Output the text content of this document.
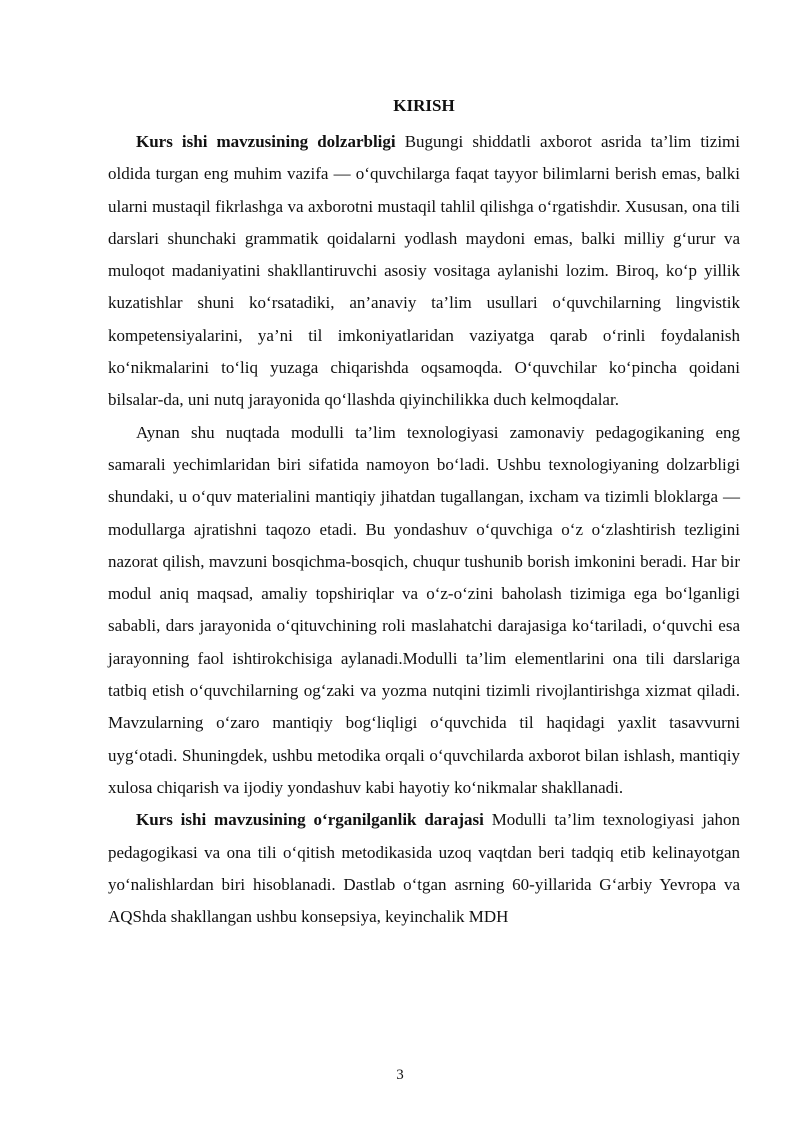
KIRISH

Kurs ishi mavzusining dolzarbligi Bugungi shiddatli axborot asrida ta’lim tizimi oldida turgan eng muhim vazifa — o‘quvchilarga faqat tayyor bilimlarni berish emas, balki ularni mustaqil fikrlashga va axborotni mustaqil tahlil qilishga o‘rgatishdir. Xususan, ona tili darslari shunchaki grammatik qoidalarni yodlash maydoni emas, balki milliy g‘urur va muloqot madaniyatini shakllantiruvchi asosiy vositaga aylanishi lozim. Biroq, ko‘p yillik kuzatishlar shuni ko‘rsatadiki, an’anaviy ta’lim usullari o‘quvchilarning lingvistik kompetensiyalarini, ya’ni til imkoniyatlaridan vaziyatga qarab o‘rinli foydalanish ko‘nikmalarini to‘liq yuzaga chiqarishda oqsamoqda. O‘quvchilar ko‘pincha qoidani bilsalar-da, uni nutq jarayonida qo‘llashda qiyinchilikka duch kelmoqdalar.

Aynan shu nuqtada modulli ta’lim texnologiyasi zamonaviy pedagogikaning eng samarali yechimlaridan biri sifatida namoyon bo‘ladi. Ushbu texnologiyaning dolzarbligi shundaki, u o‘quv materialini mantiqiy jihatdan tugallangan, ixcham va tizimli bloklarga — modullarga ajratishni taqozo etadi. Bu yondashuv o‘quvchiga o‘z o‘zlashtirish tezligini nazorat qilish, mavzuni bosqichma-bosqich, chuqur tushunib borish imkonini beradi. Har bir modul aniq maqsad, amaliy topshiriqlar va o‘z-o‘zini baholash tizimiga ega bo‘lganligi sababli, dars jarayonida o‘qituvchining roli maslahatchi darajasiga ko‘tariladi, o‘quvchi esa jarayonning faol ishtirokchisiga aylanadi.Modulli ta’lim elementlarini ona tili darslariga tatbiq etish o‘quvchilarning og‘zaki va yozma nutqini tizimli rivojlantirishga xizmat qiladi. Mavzularning o‘zaro mantiqiy bog‘liqligi o‘quvchida til haqidagi yaxlit tasavvurni uyg‘otadi. Shuningdek, ushbu metodika orqali o‘quvchilarda axborot bilan ishlash, mantiqiy xulosa chiqarish va ijodiy yondashuv kabi hayotiy ko‘nikmalar shakllanadi.

Kurs ishi mavzusining o‘rganilganlik darajasi Modulli ta’lim texnologiyasi jahon pedagogikasi va ona tili o‘qitish metodikasida uzoq vaqtdan beri tadqiq etib kelinayotgan yo‘nalishlardan biri hisoblanadi. Dastlab o‘tgan asrning 60-yillarida G‘arbiy Yevropa va AQShda shakllangan ushbu konsepsiya, keyinchalik MDH

3
